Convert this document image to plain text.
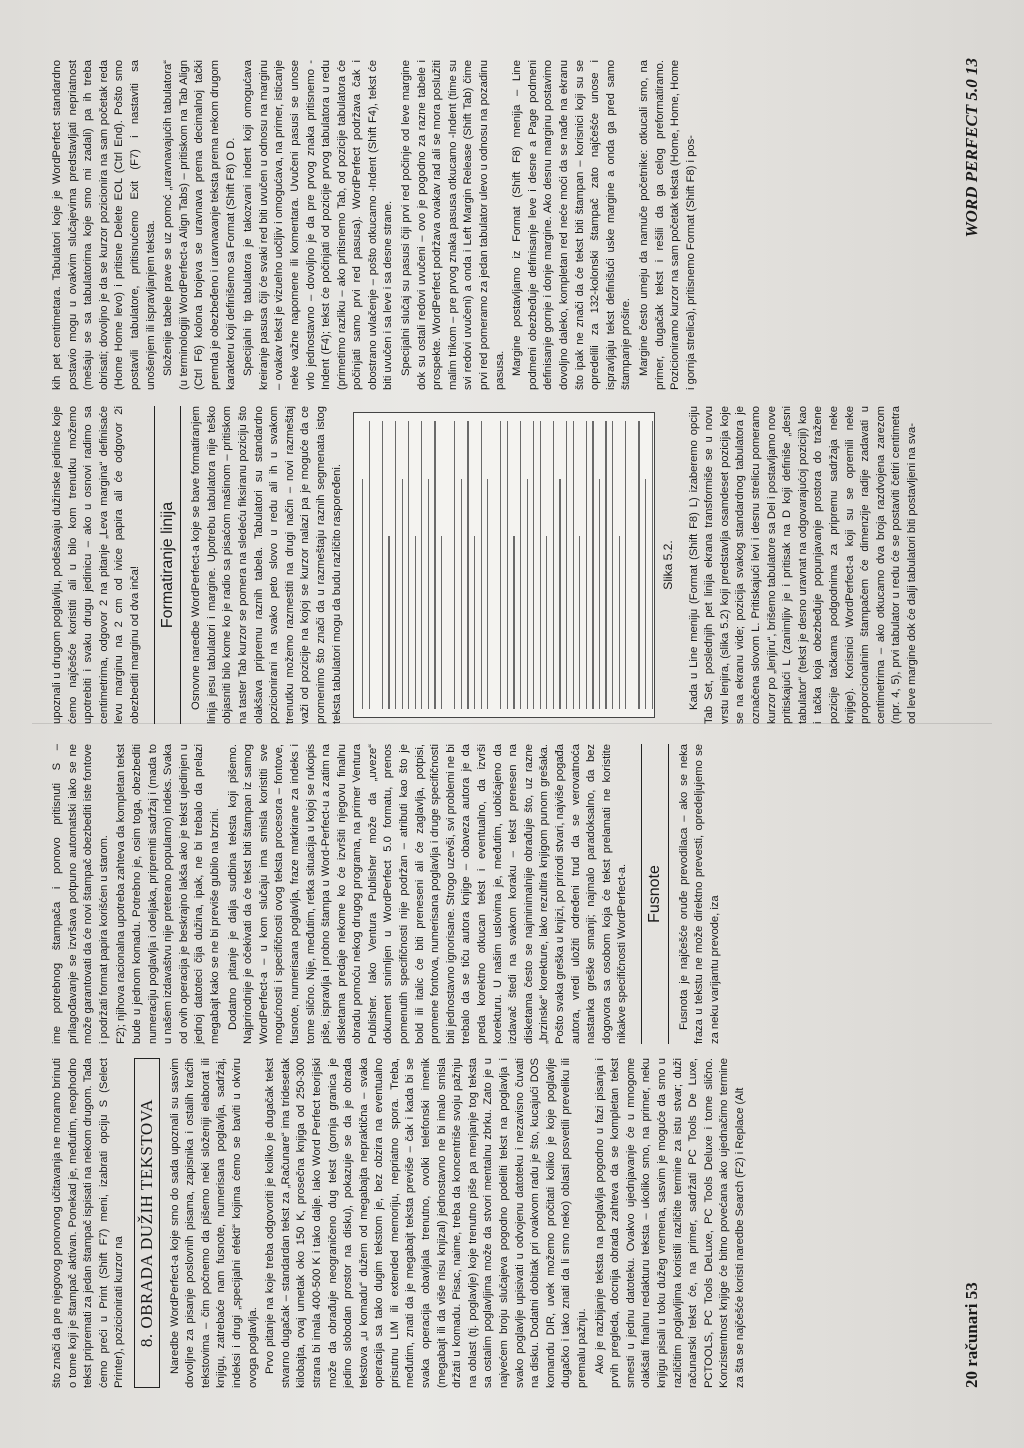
što znači da pre njegovog ponovnog učitavanja ne moramo brinuti o tome koji je štampač aktivan. Ponekad je, međutim, neophodno tekst pripremati za jedan štampač ispisati na nekom drugom. Tada ćemo preći u Print (Shift F7) meni, izabrati opciju S (Select Printer), pozicionirati kurzor na 8. OBRADA DUŽIH TEKSTOVA	Naredbe WordPerfect-a koje smo do sada upoznali su sasvim dovoljne za pisanje poslovnih pisama, zapisnika i ostalih kraćih tekstovima – čim počnemo da pišemo neki složeniji elaborat ili knjigu, zatrebaće nam fusnote, numerisana poglavlja, sadržaj, indeksi i drugi „specijalni efekti“ kojima ćemo se baviti u okviru ovoga poglavlja. Prvo pitanje na koje treba odgovoriti je koliko je dugačak tekst stvarno dugačak – standardan tekst za „Računare“ ima tridesetak kilobajta, ovaj umetak oko 150 K, prosečna knjiga od 250-300 strana bi imala 400-500 K i tako dalje. Iako Word Perfect teorijski može da obrađuje neograničeno dug tekst (gornja granica je jedino slobodan prostor na disku), pokazuje se da je obrada tekstova „u komadu“ dužem od megabajta nepraktična – svaka operacija sa tako dugim tekstom je, bez obzira na eventualno prisutnu LIM ili extended memoriju, nepriatno spora. Treba, međutim, znati da je megabajt teksta previše – čak i kada bi se svaka operacija obavljala trenutno, ovolki telefonski imenik (megabajt ili da više nisu knjizal) jednostavno ne bi imalo smisla držati u komadu. Pisac, naime, treba da koncentriše svoju pažnju na oblast (tj. poglavlje) koje trenutno piše pa menjanje tog teksta sa ostalim poglavljima može da stvori mentalnu zbrku. Zato je u najvećem broju slučajeva pogodno podeliti tekst na poglavlja i svako poglavlje upisivati u odvojenu datoteku i nezavisno čuvati na disku. Dodatni dobitak pri ovakvom radu je što, kucajući DOS komandu DIR, uvek možemo pročitati koliko je koje poglavlje dugačko i tako znati da li smo neko) oblasti posvetili preveliku ili premalu pažnju. Ako je razbijanje teksta na poglavlja pogodno u fazi pisanja i prvih pregleda, docnija obrada zahteva da se kompletan tekst smesti u jednu datoteku. Ovakvo ujednjavanje će u mnogome olakšati finalnu redakturu teksta – ukoliko smo, na primer, neku knjigu pisali u toku dužeg vremena, sasvim je moguće da smo u različitim poglavljima koristili različite termine za istu stvar; duži računarski tekst će, na primer, sadržati PC Tools De Luxe, PCTOOLS, PC Tools DeLuxe, PC Tools Deluxe i tome slično. Konzistentnost knjige će bitno povećana ako ujednačimo termine za šta se najčešće koristi naredbe Search (F2) i Replace (Alt

ime potrebnog štampača i ponovo pritisnuti S – prilagođavanje se izvršava potpuno automatski iako se ne može garantovati da će novi štampač obezbediti iste fontove i podržati format papira korišćen u starom. F2); njihova racionalna upotreba zahteva da kompletan tekst bude u jednom komadu. Potrebno je, osim toga, obezbediti numeraciju poglavlja i odeljaka, pripremiti sadržaj i (mada to u našem izdavaštvu nije preterano popularno) indeks. Svaka od ovih operacija je beskrajno lakša ako je tekst ujedinjen u jednoj datoteci čija dužina, ipak, ne bi trebalo da prelazi megabajt kako se ne bi previše gubilo na brzini. Dodatno pitanje je dalja sudbina teksta koji pišemo. Najprirodnije je očekivati da će tekst biti štampan iz samog WordPerfect-a – u kom slučaju ima smisla koristiti sve mogućnosti i specifičnosti ovog teksta procesora – fontove, fusnote, numerisana poglavlja, fraze markirane za indeks i tome slično. Nije, međutim, retka situacija u kojoj se rukopis piše, ispravlja i probno štampa u Word-Perfect-u a zatim na disketama predaje nekome ko će izvršiti njegovu finalnu obradu pomoću nekog drugog programa, na primer Ventura Publisher. Iako Ventura Publisher može da „uveze“ dokument snimljen u WordPerfect 5.0 formatu, prenos pomenutih specifičnosti nije podržan – atributi kao što je bold ili italic će biti preneseni ali će zaglavlja, potpisi, promene fontova, numerisana poglavlja i druge specifičnosti biti jednostavno ignorisane. Strogo uzevši, svi problemi ne bi trebalo da se tiču autora knjige – obaveza autora je da preda korektno otkucan tekst i eventualno, da izvrši korekturu. U našim uslovima je, međutim, uobičajeno da izdavač štedi na svakom koraku – tekst prenesen na disketama često se najminimalnije obrađuje što, uz razne „brzinske“ korekture, lako rezultira knjigom punom grešaka. Pošto svaka greška u knjizi, po prirodi stvari, najviše pogađa autora, vredi uložiti određeni trud da se verovatnoća nastanka greške smanji; najmalo paradoksalno, da bez dogovora sa osobom koja će tekst prelamati ne koristite nikakve specifičnosti WordPerfect-a.	Fusnote	Fusnota je najčešće oruđe prevodilaca – ako se neka fraza u tekstu ne može direktno prevesti, opredeljujemo se za neku varijantu prevode, iza

upoznali u drugom poglavlju, podešavaju dužinske jedinice koje ćemo najčešće koristiti ali u bilo kom trenutku možemo upotrebiti i svaku drugu jedinicu – ako u osnovi radimo sa centimetrima, odgovor 2 na pitanje „Leva margina“ definisaće levu marginu na 2 cm od ivice papira ali će odgovor 2i obezbediti marginu od dva inča!

Formatiranje linija	Osnovne naredbe WordPerfect-a koje se bave formatiranjem linija jesu tabulatori i margine. Upotrebu tabulatora nije teško objasniti bilo kome ko je radio sa pisaćom mašinom – pritiskom na taster Tab kurzor se pomera na sledeću fiksiranu poziciju što olakšava pripremu raznih tabela. Tabulatori su standardno pozicionirani na svako peto slovo u redu ali ih u svakom trenutku možemo razmestiti na drugi način – novi razmeštaj važi od pozicije na kojoj se kurzor nalazi pa je moguće da ce promenimo što znači da u razmeštaju raznih segmenata istog teksta tabulatori mogu da budu različito raspoređeni.	Slika 5.2. Kada u Line meniju (Format (Shift F8) L) izaberemo opciju Tab Set, poslednjih pet linija ekrana transformiše se u novu vrstu lenjira, (slika 5.2) koji predstavlja osamdeset pozicija koje se na ekranu vide; pozicija svakog standardnog tabulatora je označena slovom L. Pritiskajući levi i desnu strelicu pomeramo kurzor po „lenjiru“, brišemo tabulatore sa Del i postavljamo nove pritiskajući L (zanimljiv je i pritisak na D koji definiše „desni tabulator“ (tekst je desno uravnat na odgovarajućoj poziciji) kao i tačka koja obezbeđuje popunjavanje prostora do tražene pozicije tačkama podgodnima za pripremu sadržaja neke knjige). Korisnici WordPerfect-a koji su se opremili neke proporcionalnim štampačem će dimenzije radije zadavati u centimetrima – ako otkucamo dva broja razdvojena zarezom (npr. 4, 5), prvi tabulator u redu će se postaviti četiri centimetra od leve margine dok će dalji tabulatori biti postavljeni na sva-

kih pet centimetara. Tabulatori koje je WordPerfect standardno postavio mogu u ovakvim slučajevima predstavljati nepriatnost (mešaju se sa tabulatorima koje smo mi zadali) pa ih treba obrisati; dovoljno je da se kurzor pozicionira na sam početak reda (Home Home levo) i pritisne Delete EOL (Ctrl End). Pošto smo postavili tabulatore, pritisnućemo Exit (F7) i nastaviti sa unošenjem ili ispravljanjem teksta. Složenije tabele prave se uz pomoć „uravnavajućih tabulatora“ (u terminologiji WordPerfect-a Align Tabs) – pritiskom na Tab Align (Ctrl F6) kolona brojeva se uravnava prema decimalnoj tački premda je obezbeđeno i uravnavanje teksta prema nekom drugom karakteru koji definišemo sa Format (Shift F8) O D. Specijalni tip tabulatora je takozvani indent koji omogućava kreiranje pasusa čiji će svaki red biti uvučen u odnosu na marginu – ovakav tekst je vizuelno uočljiv i omogućava, na primer, isticanje neke važne napomene ili komentara. Uvučeni pasusi se unose vrlo jednostavno – dovoljno je da pre prvog znaka pritisnemo -Indent (F4); tekst će počinjati od pozicije prvog tabulatora u redu (primetimo razliku – ako pritisnemo Tab, od pozicije tabulatora će počinjati samo prvi red pasusa). WordPerfect podržava čak i obostrano uvlačenje – pošto otkucamo -Indent (Shift F4), tekst će biti uvučen i sa leve i sa desne strane. Specijalni slučaj su pasusi čiji prvi red počinje od leve margine dok su ostali redovi uvučeni – ovo je pogodno za razne tabele i prospekte. WordPerfect podržava ovakav rad ali se mora poslužiti malim trikom – pre prvog znaka pasusa otkucamo -Indent (time su svi redovi uvučeni) a onda i Left Margin Release (Shift Tab) čime prvi red pomeramo za jedan tabulator ulevo u odnosu na pozadinu pasusa. Margine postavljamo iz Format (Shift F8) menija – Line podmeni obezbeđuje definisanje leve i desne a Page podmeni definisanje gornje i donje margine. Ako desnu marginu postavimo dovoljno daleko, kompletan red neće moći da se nađe na ekranu što ipak ne znači da će tekst biti štampan – korisnici koji su se opredelili za 132-kolonski štampač zato najčešće unose i ispravljaju tekst definišući uske margine a onda ga pred samo štampanje proširе. Margine često umeju da namuče početnike: otkucali smo, na primer, dugačak tekst i rešili da ga celog preformatiramo. Pozicioniramo kurzor na sam početak teksta (Home, Home, Home i gornja strelica), pritisnemo Format (Shift F8) i pos-

20 računari 53
WORD PERFECT 5.0 13
